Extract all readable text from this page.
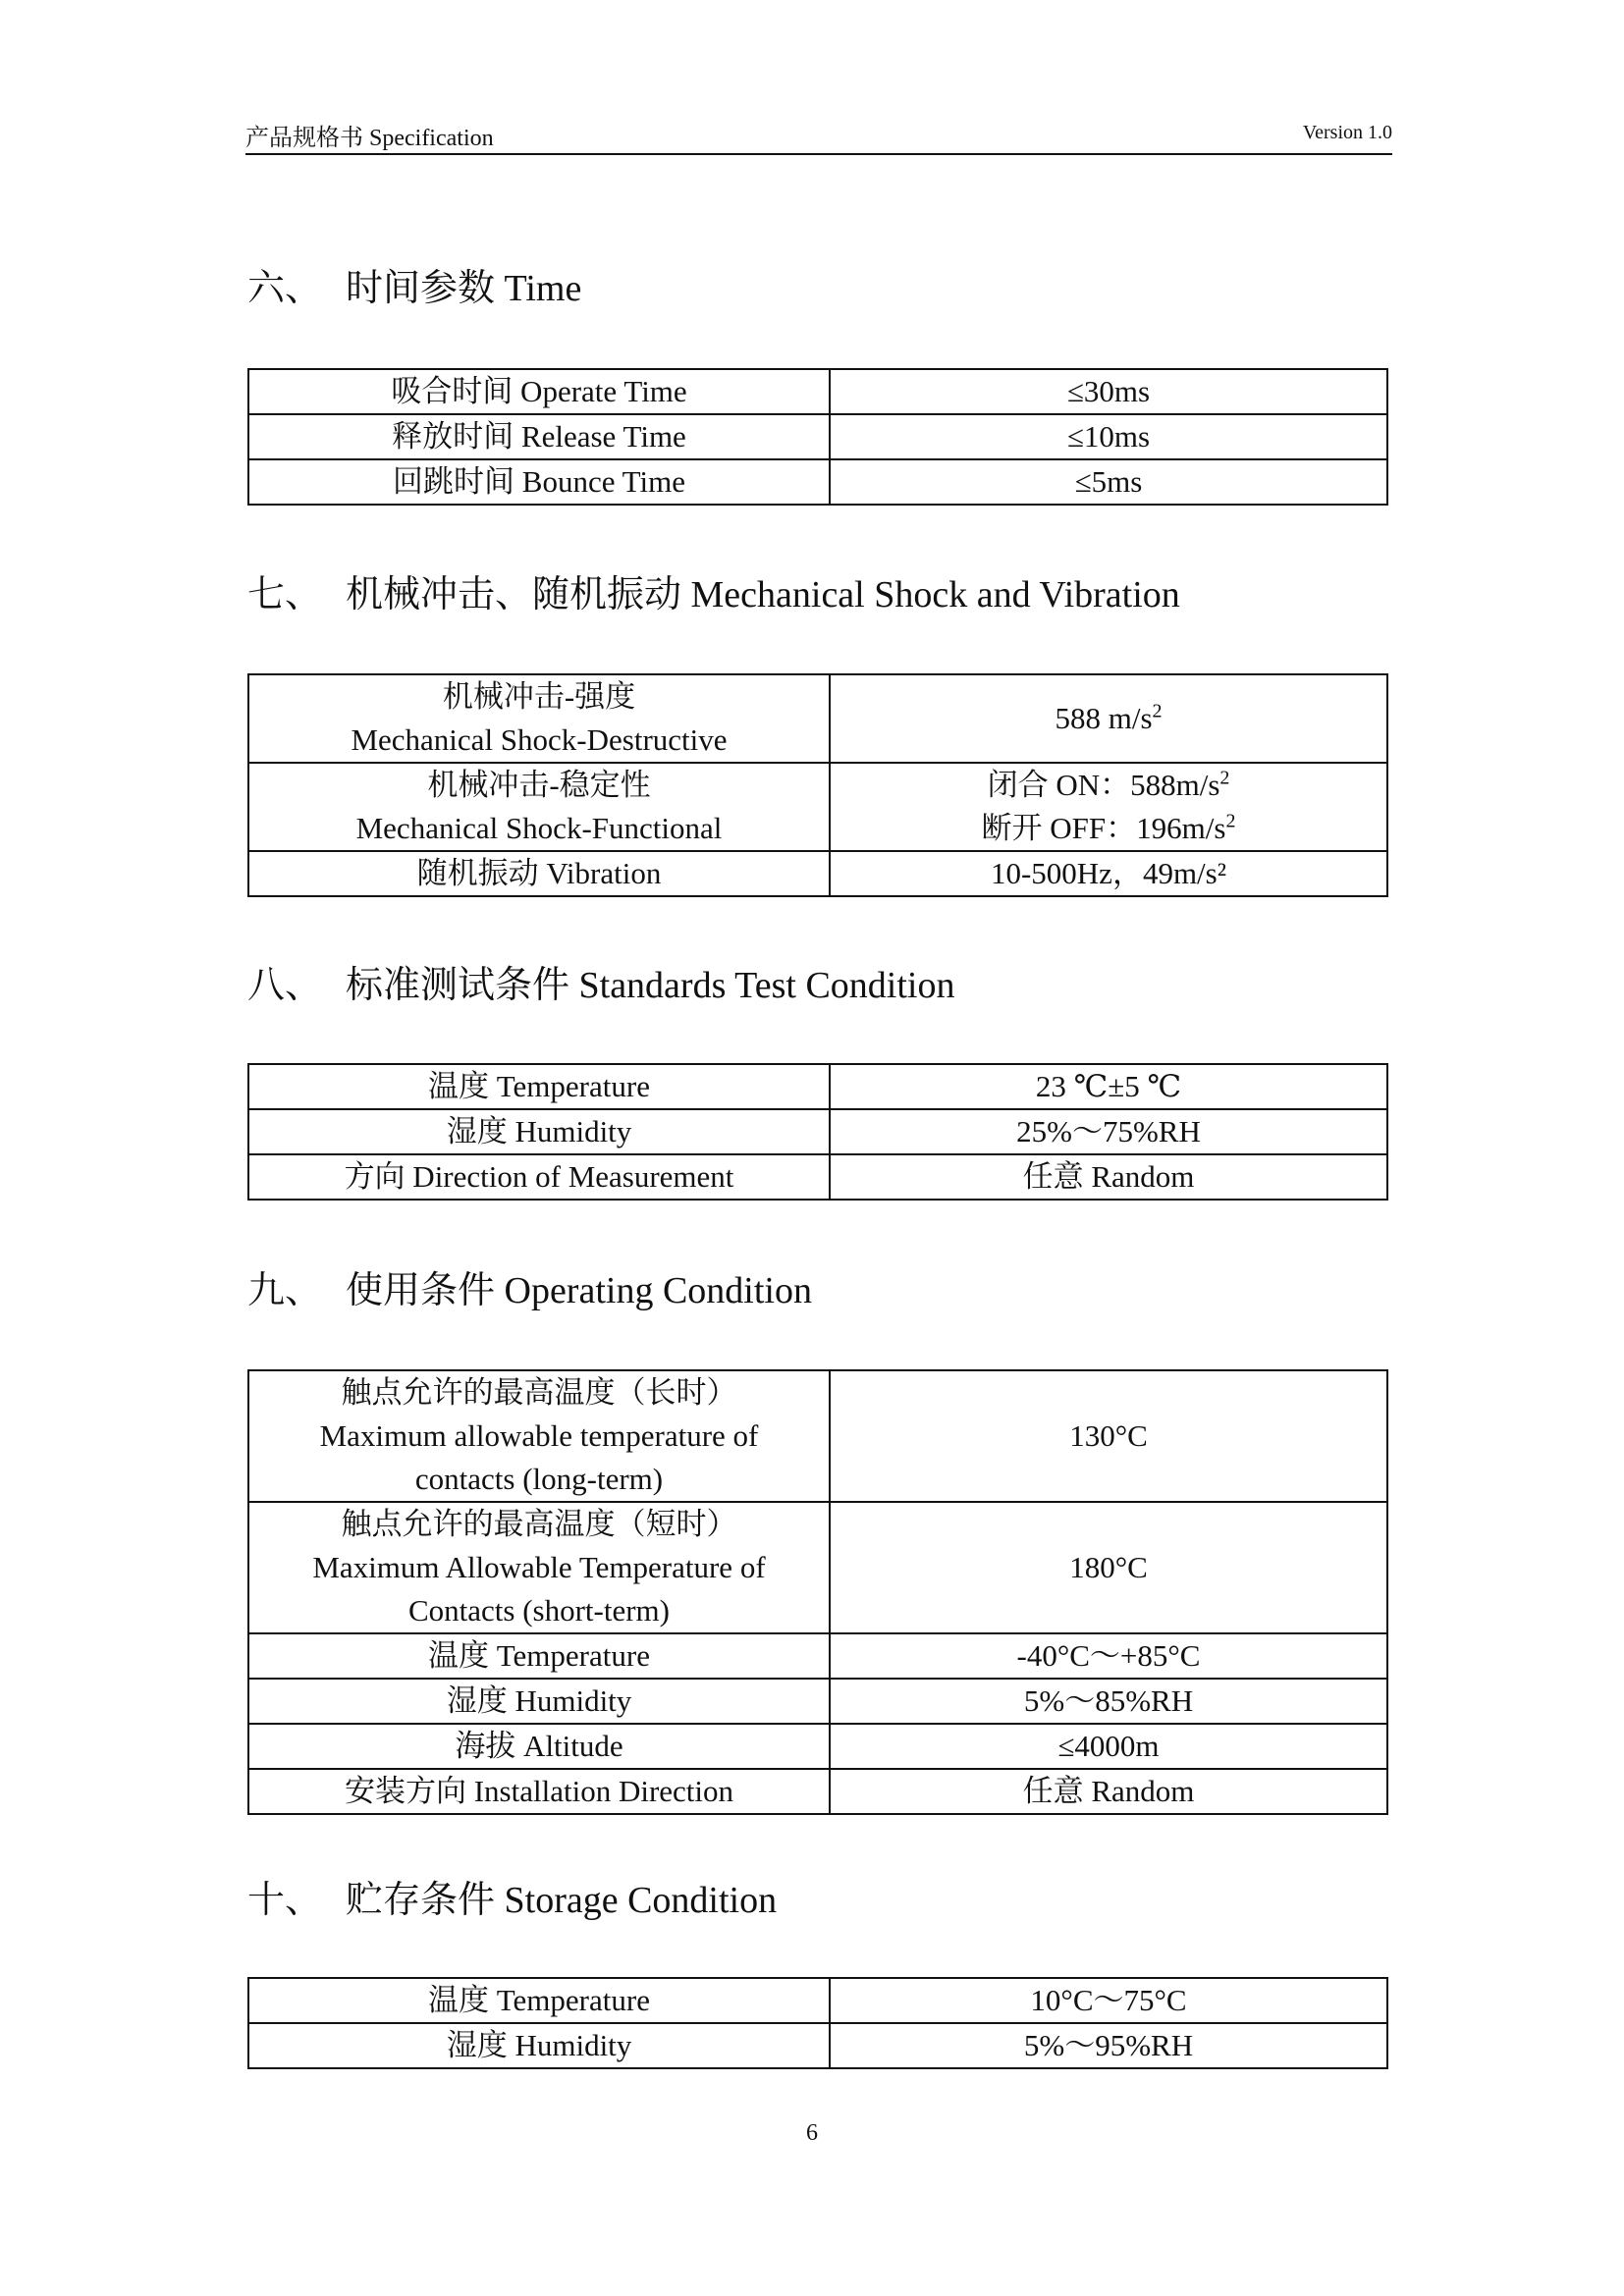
产品规格书 Specification	Version 1.0
六、 时间参数 Time
吸合时间 Operate Time	≤30ms

释放时间 Release Time	≤10ms

回跳时间 Bounce Time	≤5ms
七、 机械冲击、随机振动 Mechanical Shock and Vibration
机械冲击-强度
Mechanical Shock-Destructive	588 $m/s^2$

机械冲击-稳定性
Mechanical Shock-Functional	闭合 ON：$588m/s^2$
断开 OFF：$196m/s^2$

随机振动 Vibration	10-500Hz，49m/s²
八、 标准测试条件 Standards Test Condition
温度 Temperature	23 ℃±5 ℃

湿度 Humidity	25%～75%RH

方向 Direction of Measurement	任意 Random
九、 使用条件 Operating Condition
触点允许的最高温度（长时）
Maximum allowable temperature of
contacts (long-term)	130°C

触点允许的最高温度（短时）
Maximum Allowable Temperature of
Contacts (short-term)	180°C

温度 Temperature	-40°C～+85°C

湿度 Humidity	5%～85%RH

海拔 Altitude	≤4000m

安装方向 Installation Direction	任意 Random
十、 贮存条件 Storage Condition
温度 Temperature	10°C～75°C

湿度 Humidity	5%～95%RH
6
